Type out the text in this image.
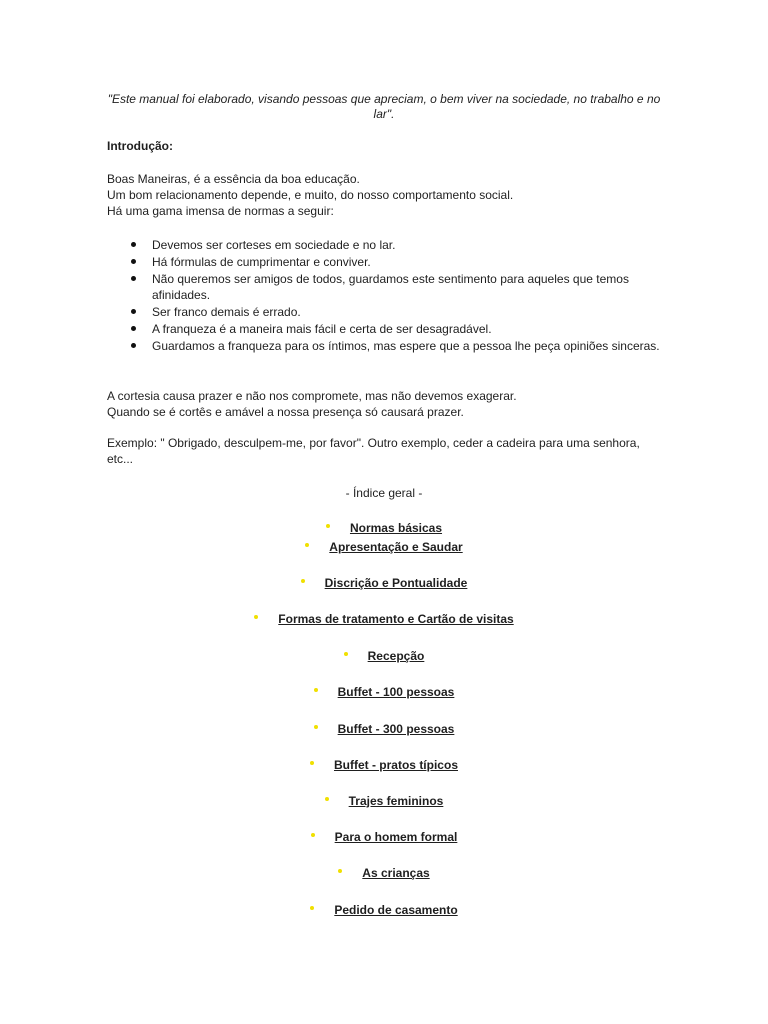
"Este manual foi elaborado, visando pessoas que apreciam, o bem viver na sociedade, no trabalho e no lar".
Introdução:
Boas Maneiras, é a essência da boa educação.
Um bom relacionamento depende, e muito, do nosso comportamento social.
Há uma gama imensa de normas a seguir:
Devemos ser corteses em sociedade e no lar.
Há fórmulas de cumprimentar e conviver.
Não queremos ser amigos de todos, guardamos este sentimento para aqueles que temos afinidades.
Ser franco demais é errado.
A franqueza é a maneira mais fácil e certa de ser desagradável.
Guardamos a franqueza para os íntimos, mas espere que a pessoa lhe peça opiniões sinceras.
A cortesia causa prazer e não nos compromete, mas não devemos exagerar.
Quando se é cortês e amável a nossa presença só causará prazer.
Exemplo: " Obrigado, desculpem-me, por favor". Outro exemplo, ceder a cadeira para uma senhora, etc...
- Índice geral -
Normas básicas
Apresentação e Saudar
Discrição e Pontualidade
Formas de tratamento e Cartão de visitas
Recepção
Buffet - 100 pessoas
Buffet - 300 pessoas
Buffet - pratos típicos
Trajes femininos
Para o homem formal
As crianças
Pedido de casamento
